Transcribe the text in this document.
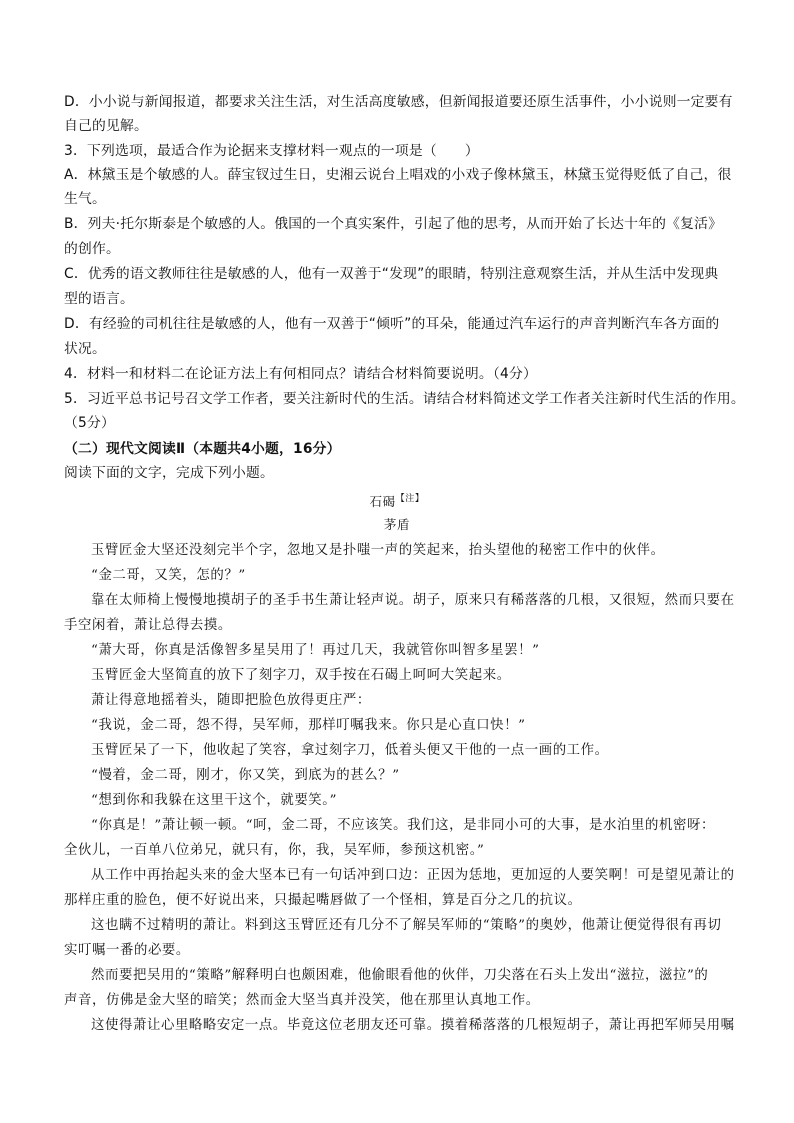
D．小小说与新闻报道，都要求关注生活，对生活高度敏感，但新闻报道要还原生活事件，小小说则一定要有
自己的见解。
3．下列选项，最适合作为论据来支撑材料一观点的一项是（　　）
A．林黛玉是个敏感的人。薛宝钗过生日，史湘云说台上唱戏的小戏子像林黛玉，林黛玉觉得贬低了自己，很
生气。
B．列夫·托尔斯泰是个敏感的人。俄国的一个真实案件，引起了他的思考，从而开始了长达十年的《复活》
的创作。
C．优秀的语文教师往往是敏感的人，他有一双善于“发现”的眼睛，特别注意观察生活，并从生活中发现典
型的语言。
D．有经验的司机往往是敏感的人，他有一双善于“倾听”的耳朵，能通过汽车运行的声音判断汽车各方面的
状况。
4．材料一和材料二在论证方法上有何相同点？请结合材料简要说明。（4分）
5．习近平总书记号召文学工作者，要关注新时代的生活。请结合材料简述文学工作者关注新时代生活的作用。
（5分）
（二）现代文阅读Ⅱ（本题共4小题，16分）
阅读下面的文字，完成下列小题。
石碣$^{【注】}$
茅盾
玉臂匠金大坚还没刻完半个字，忽地又是扑嗤一声的笑起来，抬头望他的秘密工作中的伙伴。
“金二哥，又笑，怎的？”
靠在太师椅上慢慢地摸胡子的圣手书生萧让轻声说。胡子，原来只有稀落落的几根，又很短，然而只要在
手空闲着，萧让总得去摸。
“萧大哥，你真是活像智多星吴用了！再过几天，我就管你叫智多星罢！”
玉臂匠金大坚简直的放下了刻字刀，双手按在石碣上呵呵大笑起来。
萧让得意地摇着头，随即把脸色放得更庄严：
“我说，金二哥，怨不得，吴军师，那样叮嘱我来。你只是心直口快！”
玉臂匠呆了一下，他收起了笑容，拿过刻字刀，低着头便又干他的一点一画的工作。
“慢着，金二哥，刚才，你又笑，到底为的甚么？”
“想到你和我躲在这里干这个，就要笑。”
“你真是！”萧让顿一顿。“呵，金二哥，不应该笑。我们这，是非同小可的大事，是水泊里的机密呀：
全伙儿，一百单八位弟兄，就只有，你，我，吴军师，参预这机密。”
从工作中再抬起头来的金大坚本已有一句话冲到口边：正因为恁地，更加逗的人要笑啊！可是望见萧让的
那样庄重的脸色，便不好说出来，只撮起嘴唇做了一个怪相，算是百分之几的抗议。
这也瞒不过精明的萧让。料到这玉臂匠还有几分不了解吴军师的“策略”的奥妙，他萧让便觉得很有再切
实叮嘱一番的必要。
然而要把吴用的“策略”解释明白也颇困难，他偷眼看他的伙伴，刀尖落在石头上发出“滋拉，滋拉”的
声音，仿佛是金大坚的暗笑；然而金大坚当真并没笑，他在那里认真地工作。
这使得萧让心里略略安定一点。毕竟这位老朋友还可靠。摸着稀落落的几根短胡子，萧让再把军师吴用嘱
